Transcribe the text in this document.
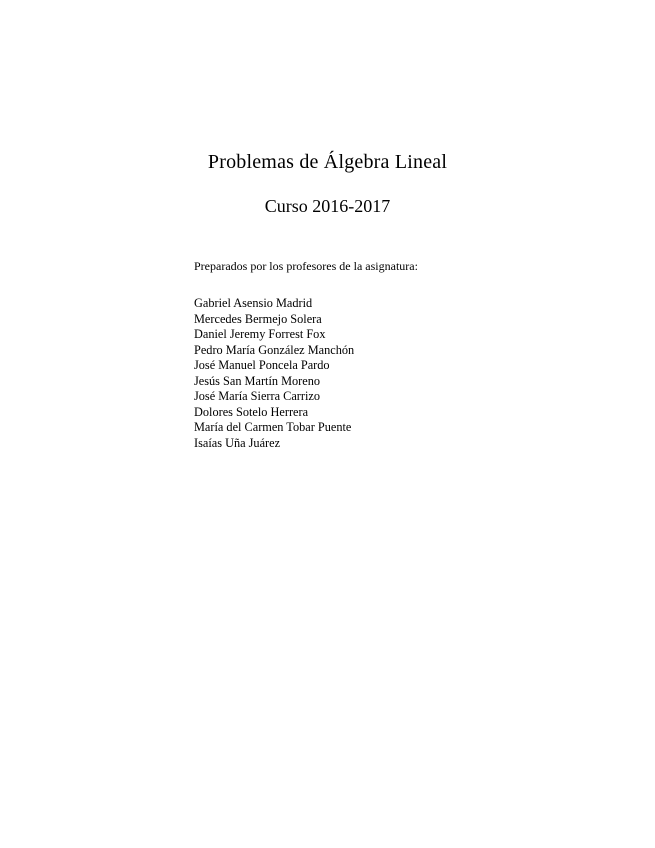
Problemas de Álgebra Lineal
Curso 2016-2017
Preparados por los profesores de la asignatura:
Gabriel Asensio Madrid
Mercedes Bermejo Solera
Daniel Jeremy Forrest Fox
Pedro María González Manchón
José Manuel Poncela Pardo
Jesús San Martín Moreno
José María Sierra Carrizo
Dolores Sotelo Herrera
María del Carmen Tobar Puente
Isaías Uña Juárez
